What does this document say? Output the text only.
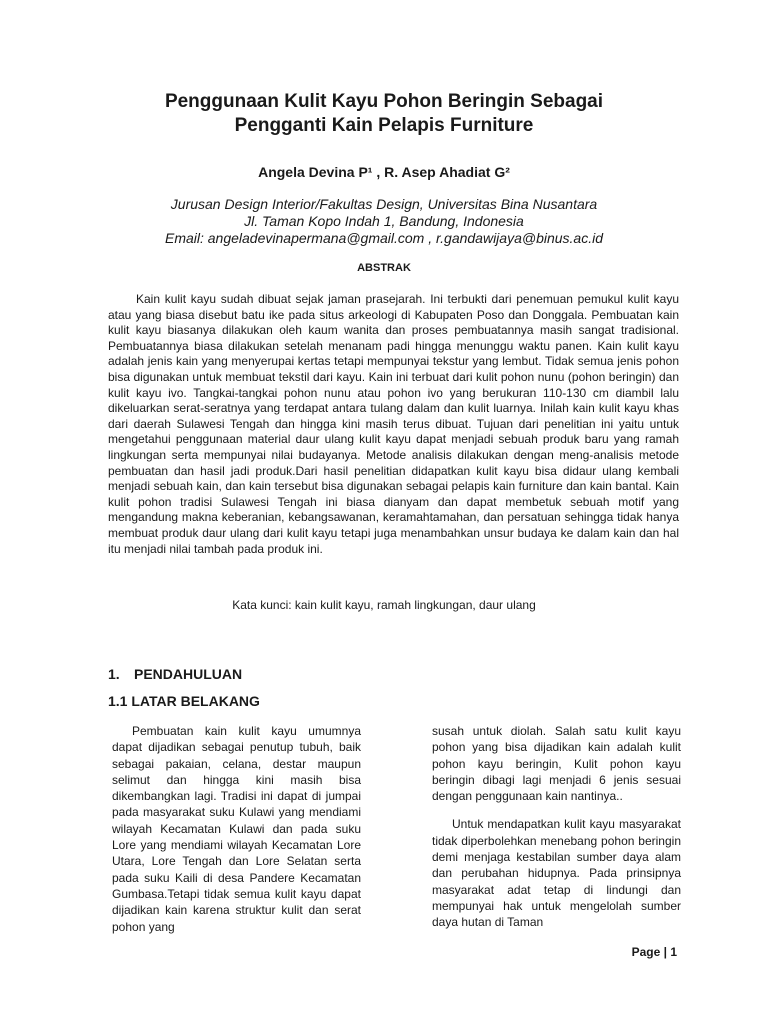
Penggunaan Kulit Kayu Pohon Beringin Sebagai
Pengganti Kain Pelapis Furniture

Angela Devina P¹ , R. Asep Ahadiat G²

Jurusan Design Interior/Fakultas Design, Universitas Bina Nusantara
Jl. Taman Kopo Indah 1, Bandung, Indonesia
Email: angeladevinapermana@gmail.com , r.gandawijaya@binus.ac.id
ABSTRAK

Kain kulit kayu sudah dibuat sejak jaman prasejarah. Ini terbukti dari penemuan pemukul kulit kayu atau yang biasa disebut batu ike pada situs arkeologi di Kabupaten Poso dan Donggala. Pembuatan kain kulit kayu biasanya dilakukan oleh kaum wanita dan proses pembuatannya masih sangat tradisional. Pembuatannya biasa dilakukan setelah menanam padi hingga menunggu waktu panen. Kain kulit kayu adalah jenis kain yang menyerupai kertas tetapi mempunyai tekstur yang lembut. Tidak semua jenis pohon bisa digunakan untuk membuat tekstil dari kayu. Kain ini terbuat dari kulit pohon nunu (pohon beringin) dan kulit kayu ivo. Tangkai-tangkai pohon nunu atau pohon ivo yang berukuran 110-130 cm diambil lalu dikeluarkan serat-seratnya yang terdapat antara tulang dalam dan kulit luarnya. Inilah kain kulit kayu khas dari daerah Sulawesi Tengah dan hingga kini masih terus dibuat. Tujuan dari penelitian ini yaitu untuk mengetahui penggunaan material daur ulang kulit kayu dapat menjadi sebuah produk baru yang ramah lingkungan serta mempunyai nilai budayanya. Metode analisis dilakukan dengan meng-analisis metode pembuatan dan hasil jadi produk.Dari hasil penelitian didapatkan kulit kayu bisa didaur ulang kembali menjadi sebuah kain, dan kain tersebut bisa digunakan sebagai pelapis kain furniture dan kain bantal. Kain kulit pohon tradisi Sulawesi Tengah ini biasa dianyam dan dapat membetuk sebuah motif yang mengandung makna keberanian, kebangsawanan, keramahtamahan, dan persatuan sehingga tidak hanya membuat produk daur ulang dari kulit kayu tetapi juga menambahkan unsur budaya ke dalam kain dan hal itu menjadi nilai tambah pada produk ini.

Kata kunci: kain kulit kayu, ramah lingkungan, daur ulang

1. PENDAHULUAN
1.1 LATAR BELAKANG

Pembuatan kain kulit kayu umumnya dapat dijadikan sebagai penutup tubuh, baik sebagai pakaian, celana, destar maupun selimut dan hingga kini masih bisa dikembangkan lagi. Tradisi ini dapat di jumpai pada masyarakat suku Kulawi yang mendiami wilayah Kecamatan Kulawi dan pada suku Lore yang mendiami wilayah Kecamatan Lore Utara, Lore Tengah dan Lore Selatan serta pada suku Kaili di desa Pandere Kecamatan Gumbasa.Tetapi tidak semua kulit kayu dapat dijadikan kain karena struktur kulit dan serat pohon yang

susah untuk diolah. Salah satu kulit kayu pohon yang bisa dijadikan kain adalah kulit pohon kayu beringin, Kulit pohon kayu beringin dibagi lagi menjadi 6 jenis sesuai dengan penggunaan kain nantinya..

Untuk mendapatkan kulit kayu masyarakat tidak diperbolehkan menebang pohon beringin demi menjaga kestabilan sumber daya alam dan perubahan hidupnya. Pada prinsipnya masyarakat adat tetap di lindungi dan mempunyai hak untuk mengelolah sumber daya hutan di Taman

Page | 1
